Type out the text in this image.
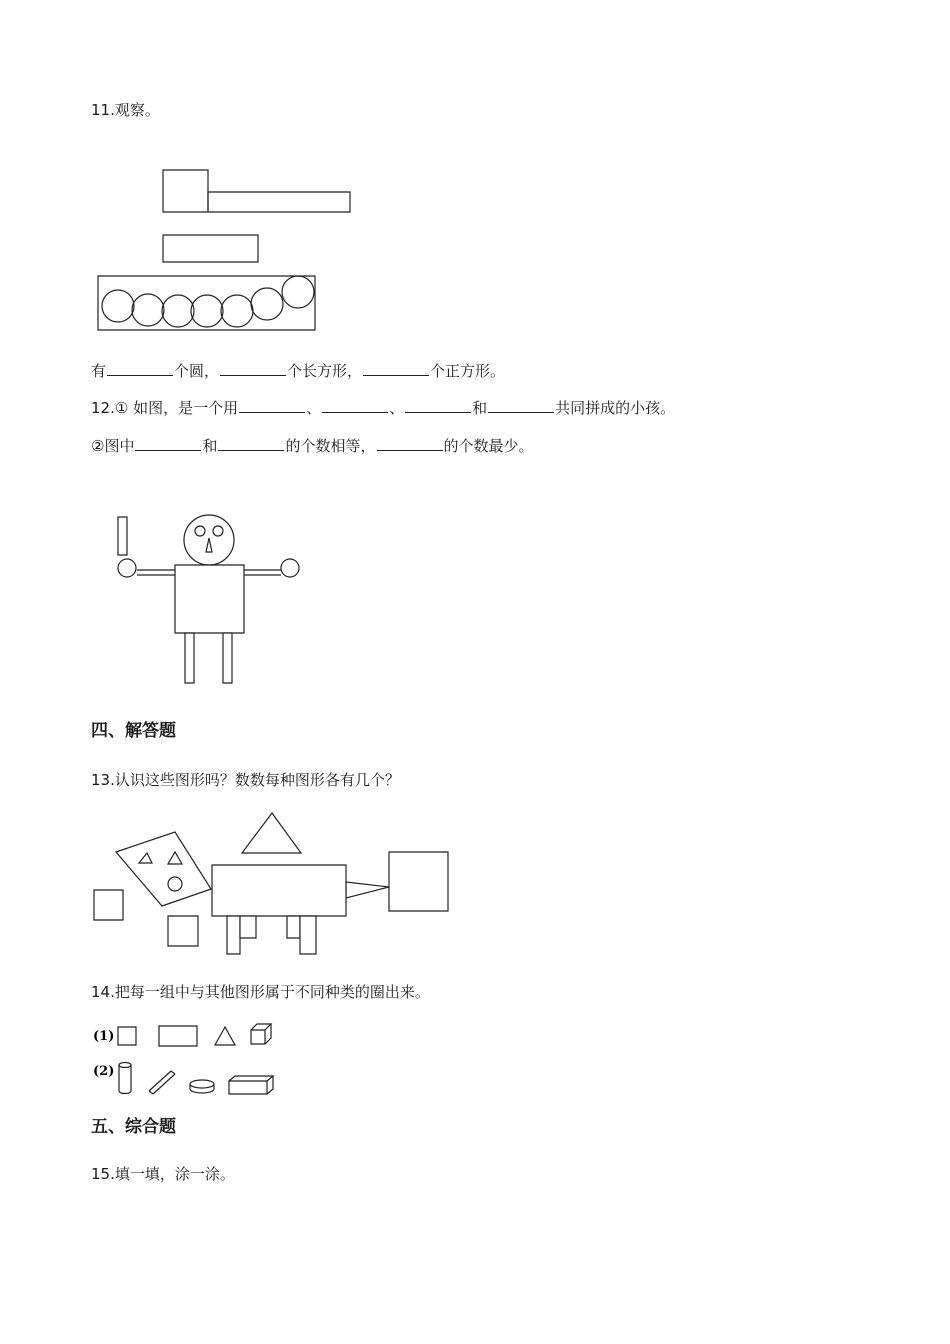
11.观察。
有	个圆，	个长方形，	个正方形。
12.① 如图，是一个用	、	、	和	共同拼成的小孩。
②图中	和	的个数相等，	的个数最少。
四、解答题
13.认识这些图形吗？数数每种图形各有几个？
14.把每一组中与其他图形属于不同种类的圈出来。
(1)
(2)
五、综合题
15.填一填，涂一涂。
